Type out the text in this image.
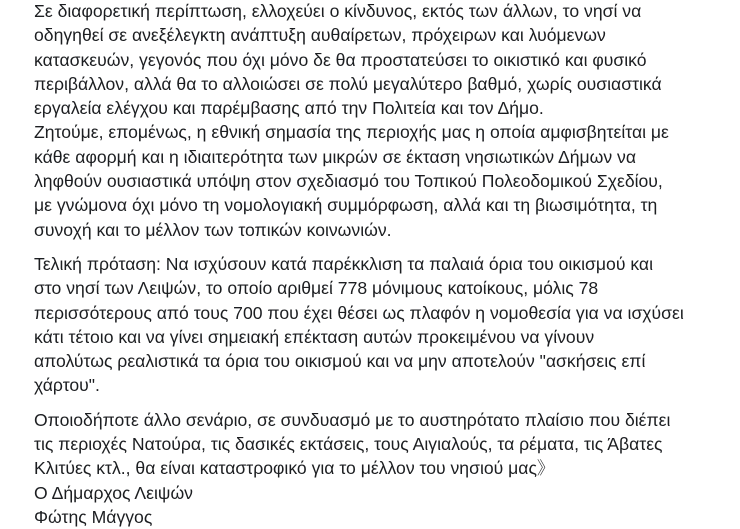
Σε διαφορετική περίπτωση, ελλοχεύει ο κίνδυνος, εκτός των άλλων, το νησί να
οδηγηθεί σε ανεξέλεγκτη ανάπτυξη αυθαίρετων, πρόχειρων και λυόμενων
κατασκευών, γεγονός που όχι μόνο δε θα προστατεύσει το οικιστικό και φυσικό
περιβάλλον, αλλά θα το αλλοιώσει σε πολύ μεγαλύτερο βαθμό, χωρίς ουσιαστικά
εργαλεία ελέγχου και παρέμβασης από την Πολιτεία και τον Δήμο.
Ζητούμε, επομένως, η εθνική σημασία της περιοχής μας η οποία αμφισβητείται με
κάθε αφορμή και η ιδιαιτερότητα των μικρών σε έκταση νησιωτικών Δήμων να
ληφθούν ουσιαστικά υπόψη στον σχεδιασμό του Τοπικού Πολεοδομικού Σχεδίου,
με γνώμονα όχι μόνο τη νομολογιακή συμμόρφωση, αλλά και τη βιωσιμότητα, τη
συνοχή και το μέλλον των τοπικών κοινωνιών.

Τελική πρόταση: Να ισχύσουν κατά παρέκκλιση τα παλαιά όρια του οικισμού και
στο νησί των Λειψών, το οποίο αριθμεί 778 μόνιμους κατοίκους, μόλις 78
περισσότερους από τους 700 που έχει θέσει ως πλαφόν η νομοθεσία για να ισχύσει
κάτι τέτοιο και να γίνει σημειακή επέκταση αυτών προκειμένου να γίνουν
απολύτως ρεαλιστικά τα όρια του οικισμού και να μην αποτελούν "ασκήσεις επί
χάρτου".

Οποιοδήποτε άλλο σενάριο, σε συνδυασμό με το αυστηρότατο πλαίσιο που διέπει
τις περιοχές Νατούρα, τις δασικές εκτάσεις, τους Αιγιαλούς, τα ρέματα, τις Άβατες
Κλιτύες κτλ., θα είναι καταστροφικό για το μέλλον του νησιού μας》

Ο Δήμαρχος Λειψών

Φώτης Μάγγος
